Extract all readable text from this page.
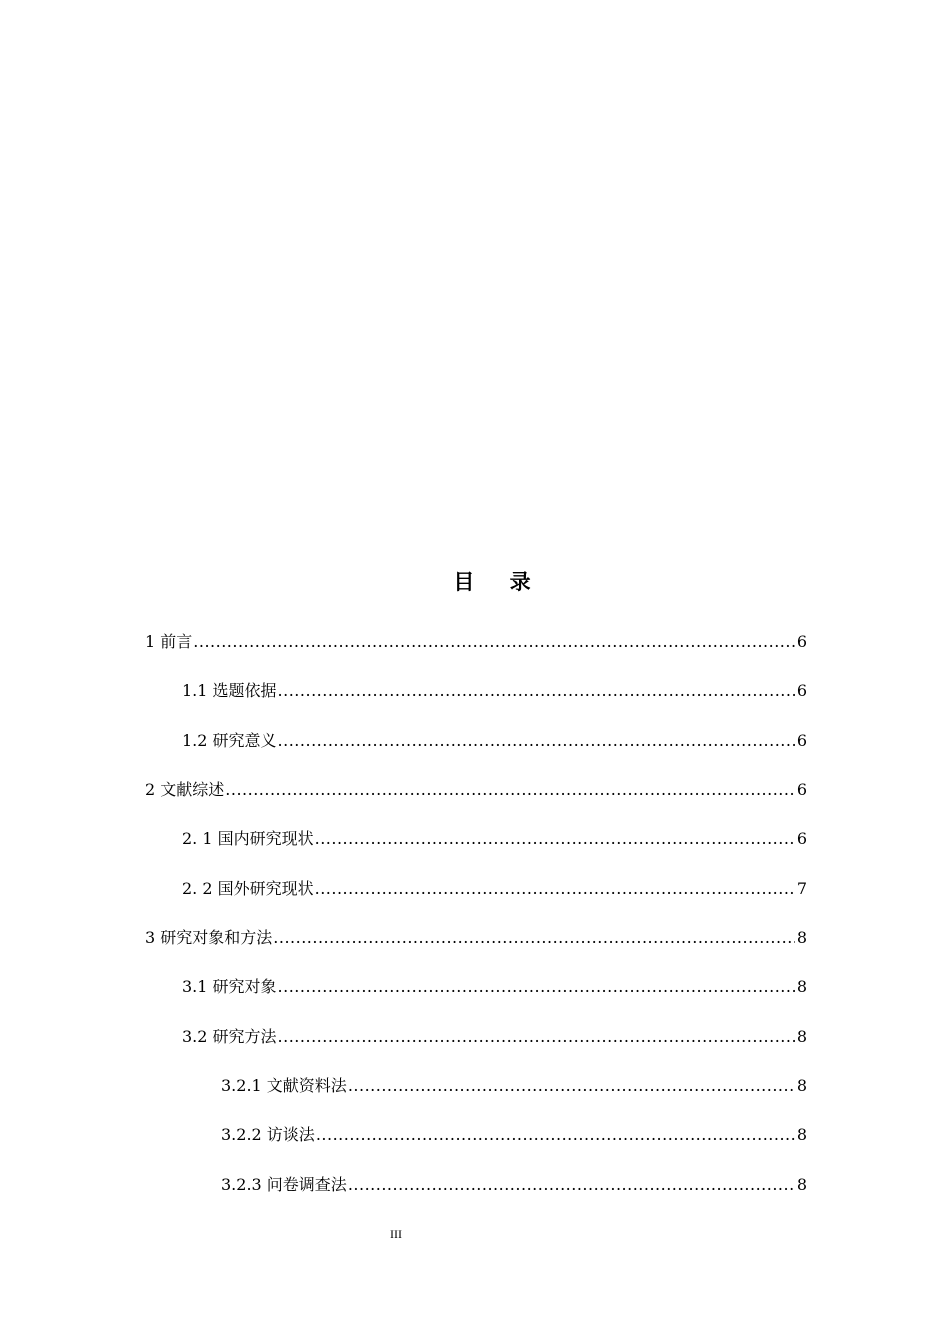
目 录
1 前言 .....	6
1.1 选题依据 .....	6
1.2 研究意义 .....	6
2 文献综述 .....	6
2. 1 国内研究现状 .....	6
2. 2 国外研究现状 .....	7
3 研究对象和方法 .....	8
3.1 研究对象 .....	8
3.2 研究方法 .....	8
3.2.1 文献资料法 .....	8
3.2.2 访谈法 .....	8
3.2.3 问卷调查法 .....	8
III
